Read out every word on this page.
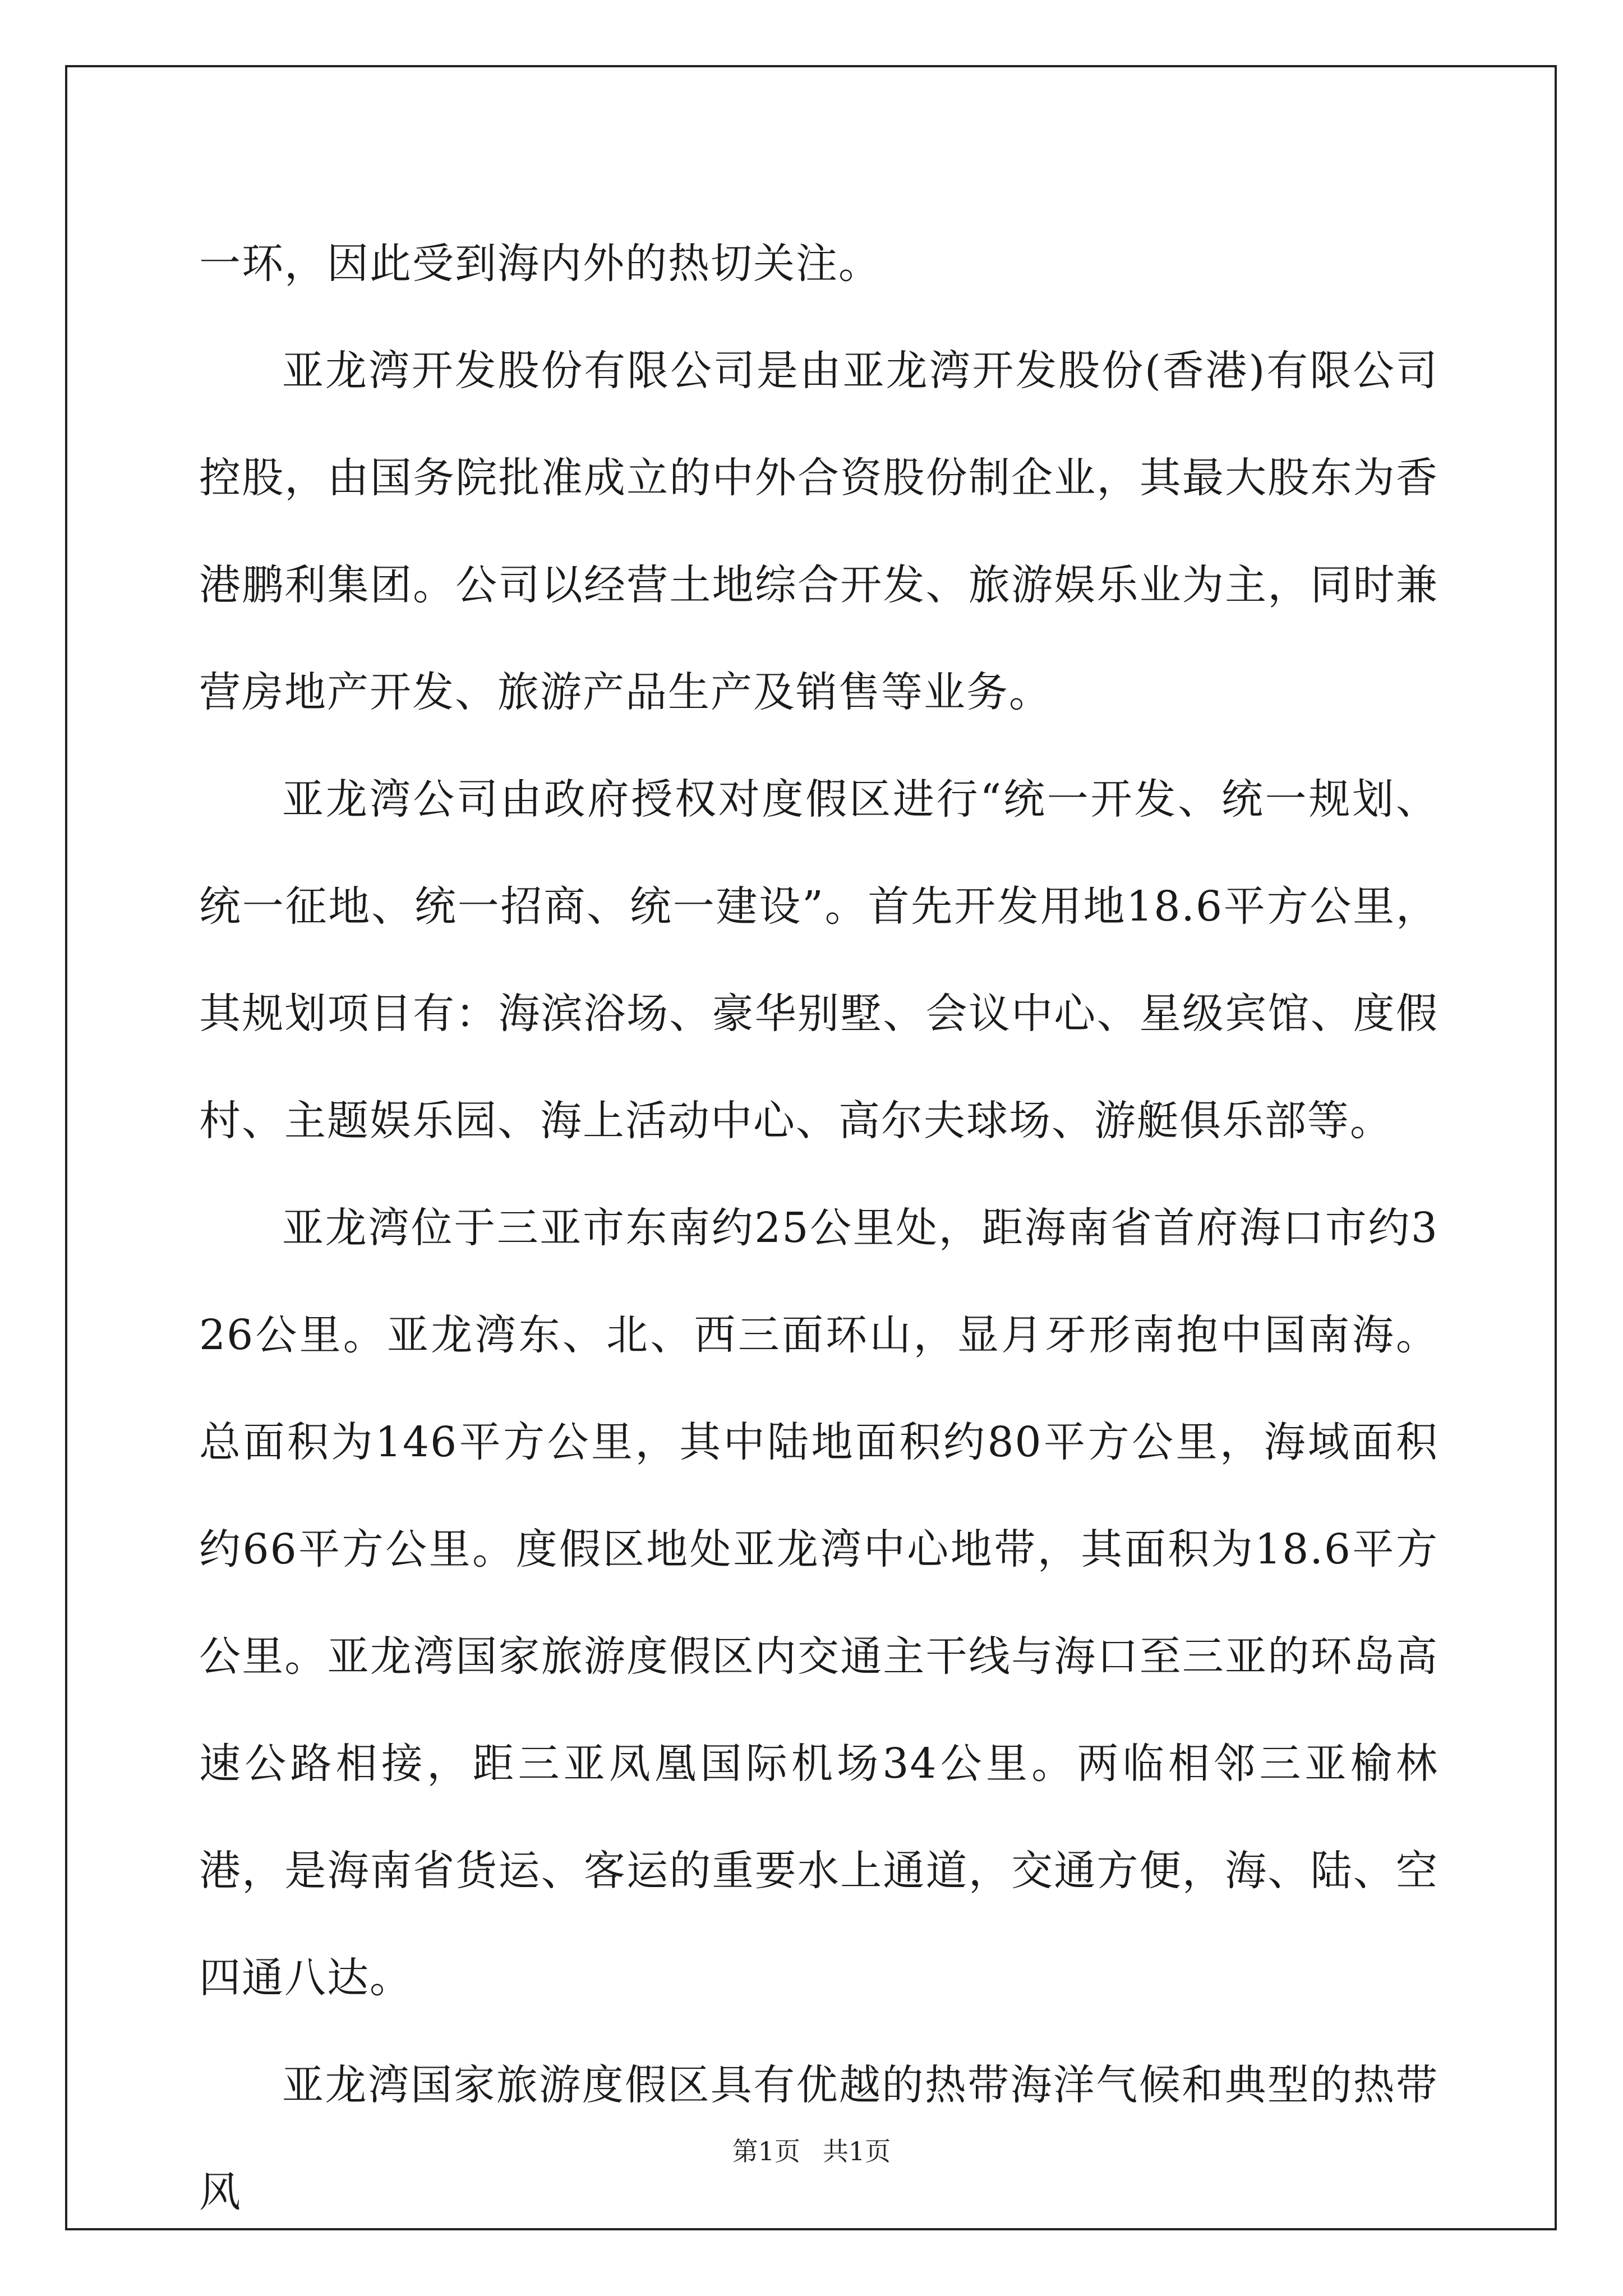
一环，因此受到海内外的热切关注。

亚龙湾开发股份有限公司是由亚龙湾开发股份(香港)有限公司控股，由国务院批准成立的中外合资股份制企业，其最大股东为香港鹏利集团。公司以经营土地综合开发、旅游娱乐业为主，同时兼营房地产开发、旅游产品生产及销售等业务。

亚龙湾公司由政府授权对度假区进行“统一开发、统一规划、统一征地、统一招商、统一建设”。首先开发用地18.6平方公里，其规划项目有：海滨浴场、豪华别墅、会议中心、星级宾馆、度假村、主题娱乐园、海上活动中心、高尔夫球场、游艇俱乐部等。

亚龙湾位于三亚市东南约25公里处，距海南省首府海口市约326公里。亚龙湾东、北、西三面环山，显月牙形南抱中国南海。总面积为146平方公里，其中陆地面积约80平方公里，海域面积约66平方公里。度假区地处亚龙湾中心地带，其面积为18.6平方公里。亚龙湾国家旅游度假区内交通主干线与海口至三亚的环岛高速公路相接，距三亚凤凰国际机场34公里。两临相邻三亚榆林港，是海南省货运、客运的重要水上通道，交通方便，海、陆、空四通八达。

亚龙湾国家旅游度假区具有优越的热带海洋气候和典型的热带风

第1页 共1页
